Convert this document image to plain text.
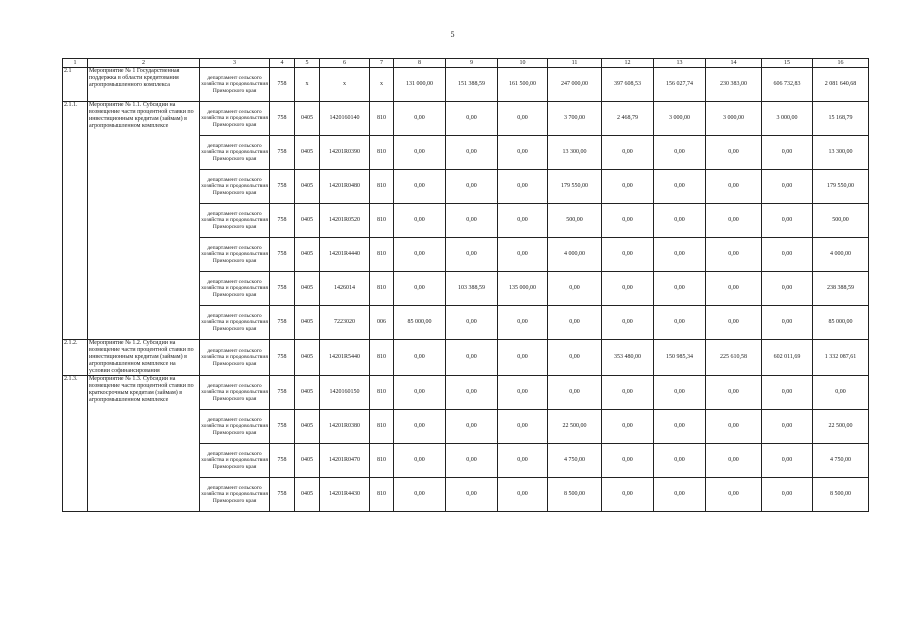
5
1	2	3	4	5	6	7	8	9	10	11	12	13	14	15	16
2.1	Мероприятие № 1 Государственная поддержка в области кредитования агропромышленного комплекса	департамент сельского хозяйства и продовольствия Приморского края	758	х	х	х	131 000,00	151 388,59	161 500,00	247 000,00	397 608,53	156 027,74	230 383,00	606 732,83	2 081 640,68
2.1.1.	Мероприятие № 1.1. Субсидии на возмещение части процентной ставки по инвестиционным кредитам (займам) в агропромышленном комплексе	департамент сельского хозяйства и продовольствия Приморского края	758	0405	1420160140	810	0,00	0,00	0,00	3 700,00	2 468,79	3 000,00	3 000,00	3 000,00	15 168,79
		департамент сельского хозяйства и продовольствия Приморского края	758	0405	14201R0390	810	0,00	0,00	0,00	13 300,00	0,00	0,00	0,00	0,00	13 300,00
		департамент сельского хозяйства и продовольствия Приморского края	758	0405	14201R0480	810	0,00	0,00	0,00	179 550,00	0,00	0,00	0,00	0,00	179 550,00
		департамент сельского хозяйства и продовольствия Приморского края	758	0405	14201R0520	810	0,00	0,00	0,00	500,00	0,00	0,00	0,00	0,00	500,00
		департамент сельского хозяйства и продовольствия Приморского края	758	0405	14201R4440	810	0,00	0,00	0,00	4 000,00	0,00	0,00	0,00	0,00	4 000,00
		департамент сельского хозяйства и продовольствия Приморского края	758	0405	1426014	810	0,00	103 388,59	135 000,00	0,00	0,00	0,00	0,00	0,00	238 388,59
		департамент сельского хозяйства и продовольствия Приморского края	758	0405	7223020	006	85 000,00	0,00	0,00	0,00	0,00	0,00	0,00	0,00	85 000,00
2.1.2.	Мероприятие № 1.2. Субсидии на возмещение части процентной ставки по инвестиционным кредитам (займам) в агропромышленном комплексе на условии софинансирования	департамент сельского хозяйства и продовольствия Приморского края	758	0405	14201R5440	810	0,00	0,00	0,00	0,00	353 480,00	150 985,34	225 610,58	602 011,69	1 332 087,61
2.1.3.	Мероприятие № 1.3. Субсидии на возмещение части процентной ставки по краткосрочным кредитам (займам) в агропромышленном комплексе	департамент сельского хозяйства и продовольствия Приморского края	758	0405	1420160150	810	0,00	0,00	0,00	0,00	0,00	0,00	0,00	0,00	0,00
		департамент сельского хозяйства и продовольствия Приморского края	758	0405	14201R0380	810	0,00	0,00	0,00	22 500,00	0,00	0,00	0,00	0,00	22 500,00
		департамент сельского хозяйства и продовольствия Приморского края	758	0405	14201R0470	810	0,00	0,00	0,00	4 750,00	0,00	0,00	0,00	0,00	4 750,00
		департамент сельского хозяйства и продовольствия Приморского края	758	0405	14201R4430	810	0,00	0,00	0,00	8 500,00	0,00	0,00	0,00	0,00	8 500,00
